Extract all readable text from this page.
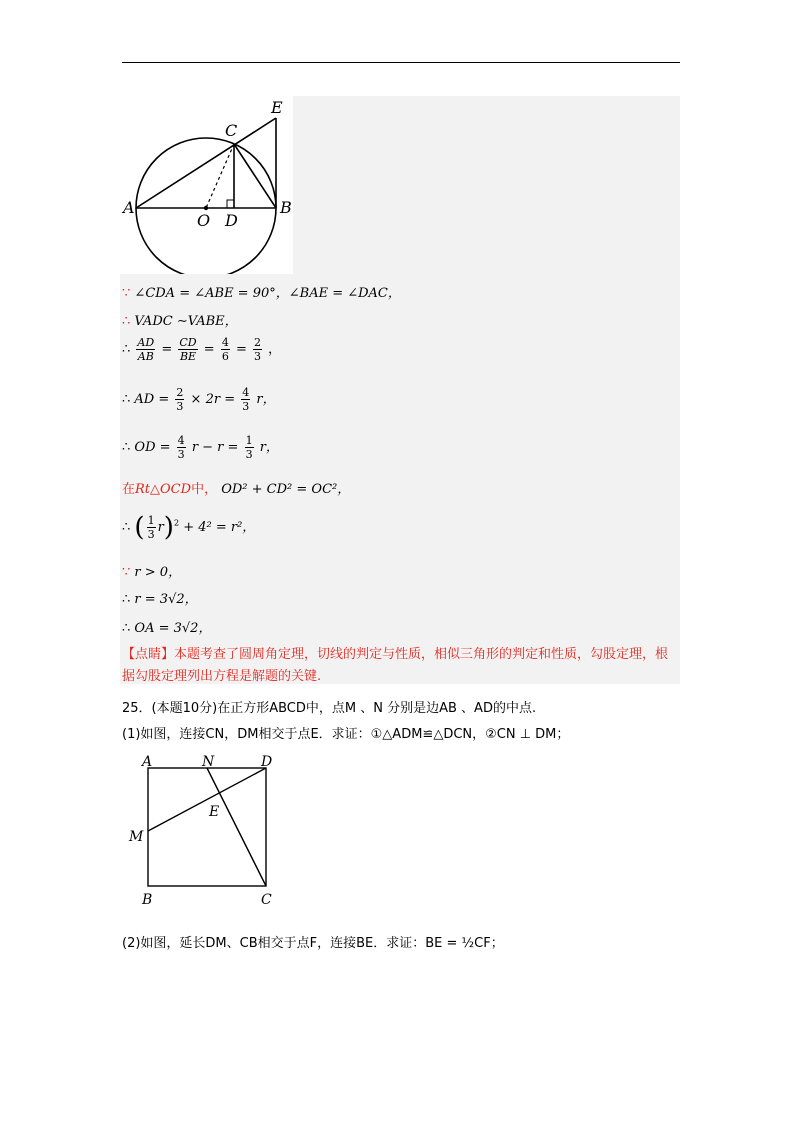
A	B
C
D
E
O
∵ ∠CDA = ∠ABE = 90°，∠BAE = ∠DAC，
∴ VADC ∼VABE，
∴ $\frac{AD}{AB} = \frac{CD}{BE} = \frac{4}{6} = \frac{2}{3}$ ，
∴ AD = $\frac{2}{3} \times 2r = \frac{4}{3}$ r，
∴ OD = $\frac{4}{3}$ $r - r = \frac{1}{3}$ r，
在Rt△OCD中， OD² + CD² = OC²，
∴ ( $\frac{1}{3} r)^2 + 4^2 = r^2$，
∵ r > 0，
∴ r = 3√2，
∴ OA = 3√2，
【点睛】本题考查了圆周角定理，切线的判定与性质，相似三角形的判定和性质，勾股定理，根据勾股定理列出方程是解题的关键.
25．(本题10分)在正方形ABCD中，点M 、N 分别是边AB 、AD的中点.
(1)如图，连接CN，DM相交于点E．求证：①△ADM≌△DCN，②CN ⊥ DM；
A	N	D
M
E
B	C
(2)如图，延长DM、CB相交于点F，连接BE．求证：BE = ½CF；
